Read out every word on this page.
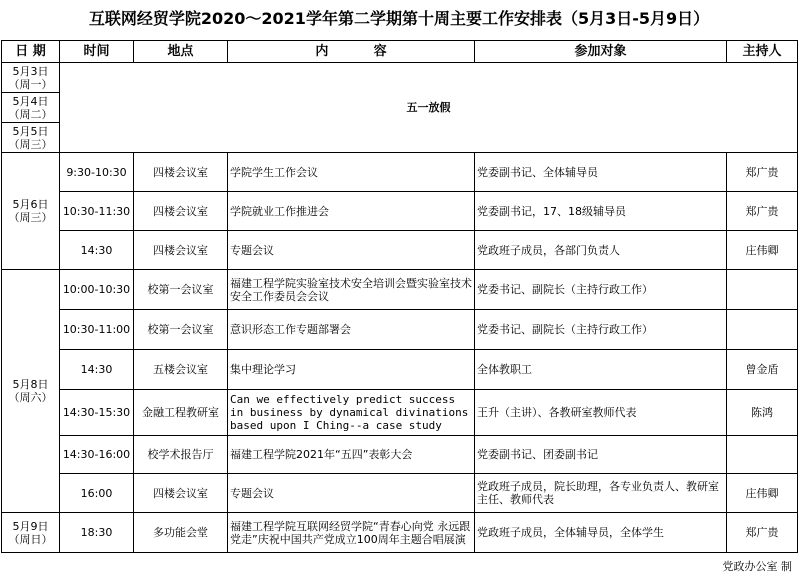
互联网经贸学院2020～2021学年第二学期第十周主要工作安排表（5月3日-5月9日）
日 期	时间	地点	内          容	参加对象	主持人

5月3日
（周一）	五一放假				

5月4日
（周二）					

5月5日
（周三）					

5月6日
（周三）	9:30-10:30	四楼会议室	学院学生工作会议	党委副书记、全体辅导员	郑广贵
	10:30-11:30	四楼会议室	学院就业工作推进会	党委副书记，17、18级辅导员	郑广贵
	14:30	四楼会议室	专题会议	党政班子成员，各部门负责人	庄伟卿

5月8日
（周六）	10:00-10:30	校第一会议室	福建工程学院实验室技术安全培训会暨实验室技术安全工作委员会会议	党委书记、副院长（主持行政工作）	
	10:30-11:00	校第一会议室	意识形态工作专题部署会	党委书记、副院长（主持行政工作）	
	14:30	五楼会议室	集中理论学习	全体教职工	曾金盾
	14:30-15:30	金融工程教研室	Can we effectively predict success in business by dynamical divinations based upon I Ching--a case study	王升（主讲）、各教研室教师代表	陈鸿
	14:30-16:00	校学术报告厅	福建工程学院2021年“五四”表彰大会	党委副书记、团委副书记	
	16:00	四楼会议室	专题会议	党政班子成员，院长助理，各专业负责人、教研室主任、教师代表	庄伟卿

5月9日
（周日）	18:30	多功能会堂	福建工程学院互联网经贸学院“青春心向党 永远跟党走”庆祝中国共产党成立100周年主题合唱展演	党政班子成员，全体辅导员，全体学生	郑广贵
党政办公室 制
